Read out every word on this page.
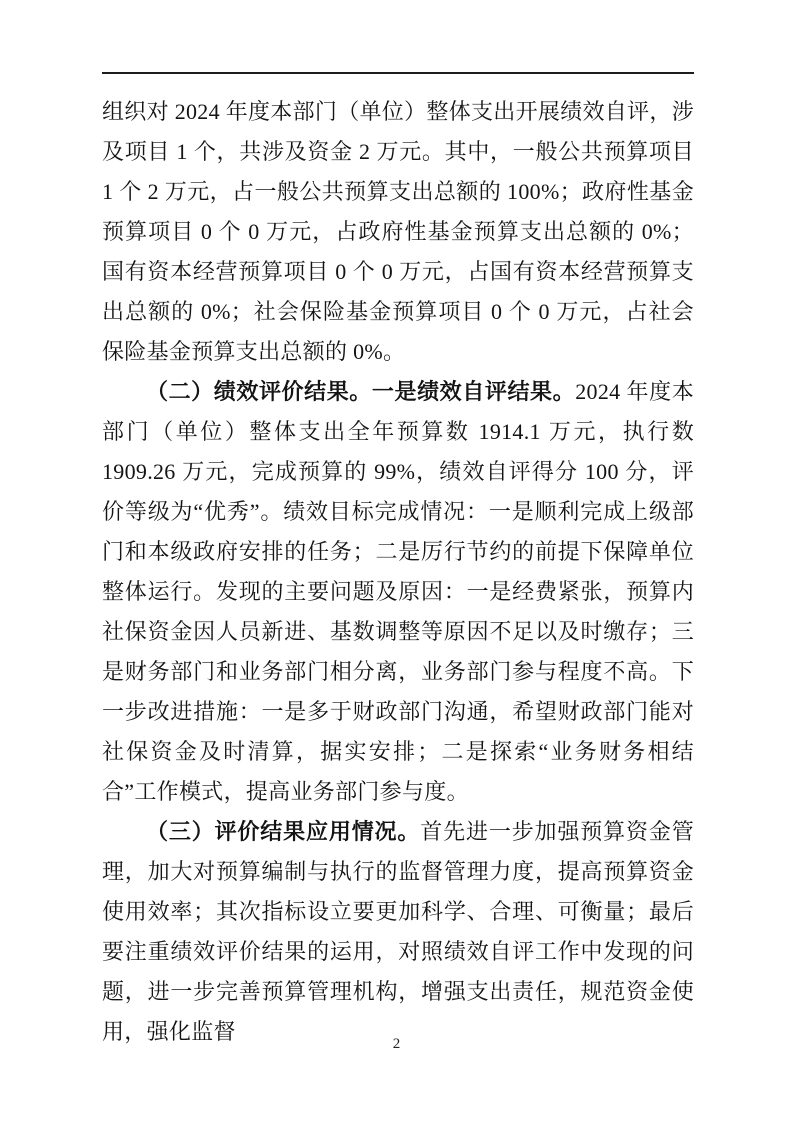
组织对 2024 年度本部门（单位）整体支出开展绩效自评，涉及项目 1 个，共涉及资金 2 万元。其中，一般公共预算项目 1 个 2 万元，占一般公共预算支出总额的 100%；政府性基金预算项目 0 个 0 万元，占政府性基金预算支出总额的 0%；国有资本经营预算项目 0 个 0 万元，占国有资本经营预算支出总额的 0%；社会保险基金预算项目 0 个 0 万元，占社会保险基金预算支出总额的 0%。

（二）绩效评价结果。一是绩效自评结果。2024 年度本部门（单位）整体支出全年预算数 1914.1 万元，执行数 1909.26 万元，完成预算的 99%，绩效自评得分 100 分，评价等级为“优秀”。绩效目标完成情况：一是顺利完成上级部门和本级政府安排的任务；二是厉行节约的前提下保障单位整体运行。发现的主要问题及原因：一是经费紧张，预算内社保资金因人员新进、基数调整等原因不足以及时缴存；三是财务部门和业务部门相分离，业务部门参与程度不高。下一步改进措施：一是多于财政部门沟通，希望财政部门能对社保资金及时清算，据实安排；二是探索“业务财务相结合”工作模式，提高业务部门参与度。

（三）评价结果应用情况。首先进一步加强预算资金管理，加大对预算编制与执行的监督管理力度，提高预算资金使用效率；其次指标设立要更加科学、合理、可衡量；最后要注重绩效评价结果的运用，对照绩效自评工作中发现的问题，进一步完善预算管理机构，增强支出责任，规范资金使用，强化监督	2
